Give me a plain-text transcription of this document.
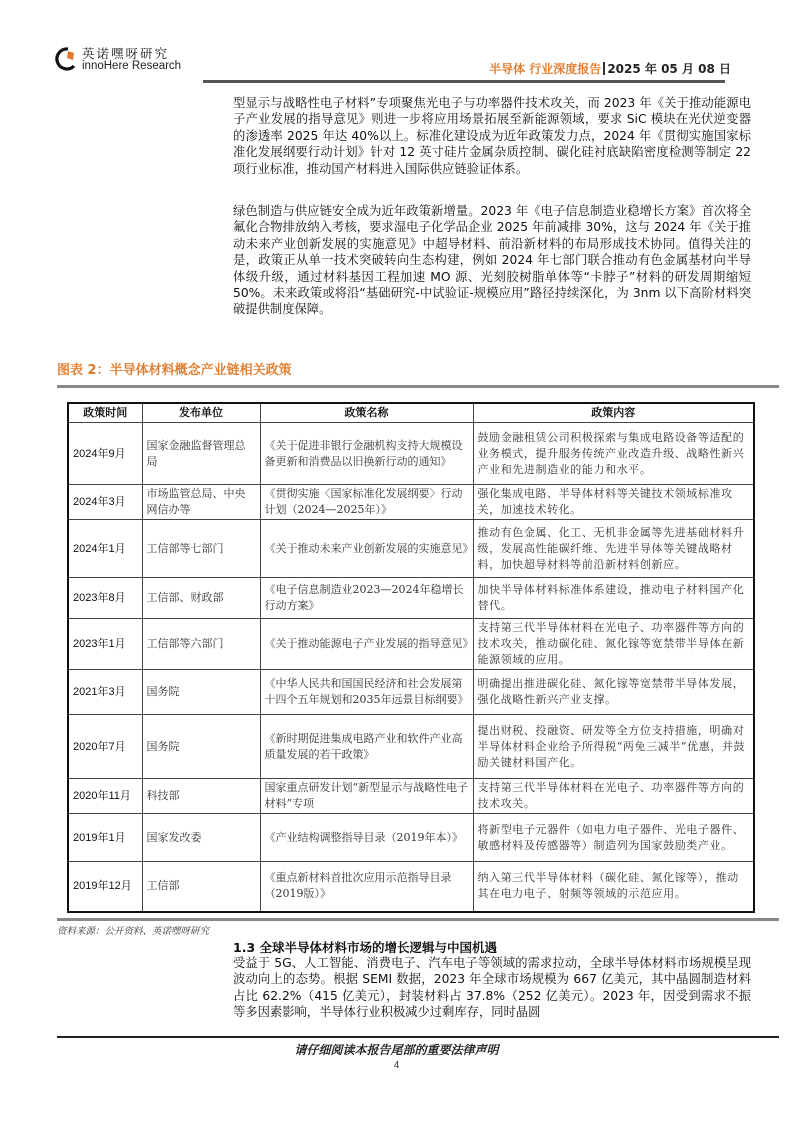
英诺嘿呀研究
innoHere Research	半导体 行业深度报告 2025 年 05 月 08 日
型显示与战略性电子材料”专项聚焦光电子与功率器件技术攻关，而 2023 年《关于推动能源电子产业发展的指导意见》则进一步将应用场景拓展至新能源领域，要求 SiC 模块在光伏逆变器的渗透率 2025 年达 40%以上。标准化建设成为近年政策发力点，2024 年《贯彻实施国家标准化发展纲要行动计划》针对 12 英寸硅片金属杂质控制、碳化硅衬底缺陷密度检测等制定 22 项行业标准，推动国产材料进入国际供应链验证体系。
绿色制造与供应链安全成为近年政策新增量。2023 年《电子信息制造业稳增长方案》首次将全氟化合物排放纳入考核，要求湿电子化学品企业 2025 年前减排 30%，这与 2024 年《关于推动未来产业创新发展的实施意见》中超导材料、前沿新材料的布局形成技术协同。值得关注的是，政策正从单一技术突破转向生态构建，例如 2024 年七部门联合推动有色金属基材向半导体级升级，通过材料基因工程加速 MO 源、光刻胶树脂单体等“卡脖子”材料的研发周期缩短 50%。未来政策或将沿“基础研究-中试验证-规模应用”路径持续深化，为 3nm 以下高阶材料突破提供制度保障。
图表 2：半导体材料概念产业链相关政策
政策时间	发布单位	政策名称	政策内容
2024年9月	国家金融监督管理总局	《关于促进非银行金融机构支持大规模设备更新和消费品以旧换新行动的通知》	鼓励金融租赁公司积极探索与集成电路设备等适配的业务模式，提升服务传统产业改造升级、战略性新兴产业和先进制造业的能力和水平。
2024年3月	市场监管总局、中央网信办等	《贯彻实施〈国家标准化发展纲要〉行动计划（2024—2025年）》	强化集成电路、半导体材料等关键技术领域标准攻关，加速技术转化。
2024年1月	工信部等七部门	《关于推动未来产业创新发展的实施意见》	推动有色金属、化工、无机非金属等先进基础材料升级，发展高性能碳纤维、先进半导体等关键战略材料，加快超导材料等前沿新材料创新应。
2023年8月	工信部、财政部	《电子信息制造业2023—2024年稳增长行动方案》	加快半导体材料标准体系建设，推动电子材料国产化替代。
2023年1月	工信部等六部门	《关于推动能源电子产业发展的指导意见》	支持第三代半导体材料在光电子、功率器件等方向的技术攻关，推动碳化硅、氮化镓等宽禁带半导体在新能源领域的应用。
2021年3月	国务院	《中华人民共和国国民经济和社会发展第十四个五年规划和2035年远景目标纲要》	明确提出推进碳化硅、氮化镓等宽禁带半导体发展，强化战略性新兴产业支撑。
2020年7月	国务院	《新时期促进集成电路产业和软件产业高质量发展的若干政策》	提出财税、投融资、研发等全方位支持措施，明确对半导体材料企业给予所得税“两免三减半”优惠，并鼓励关键材料国产化。
2020年11月	科技部	国家重点研发计划“新型显示与战略性电子材料”专项	支持第三代半导体材料在光电子、功率器件等方向的技术攻关。
2019年1月	国家发改委	《产业结构调整指导目录（2019年本）》	将新型电子元器件（如电力电子器件、光电子器件、敏感材料及传感器等）制造列为国家鼓励类产业。
2019年12月	工信部	《重点新材料首批次应用示范指导目录（2019版）》	纳入第三代半导体材料（碳化硅、氮化镓等），推动其在电力电子、射频等领域的示范应用。
资料来源：公开资料、英诺嘿呀研究
1.3 全球半导体材料市场的增长逻辑与中国机遇
受益于 5G、人工智能、消费电子、汽车电子等领域的需求拉动，全球半导体材料市场规模呈现波动向上的态势。根据 SEMI 数据，2023 年全球市场规模为 667 亿美元，其中晶圆制造材料占比 62.2%（415 亿美元），封装材料占 37.8%（252 亿美元）。2023 年，因受到需求不振等多因素影响，半导体行业积极减少过剩库存，同时晶圆
请仔细阅读本报告尾部的重要法律声明
4
